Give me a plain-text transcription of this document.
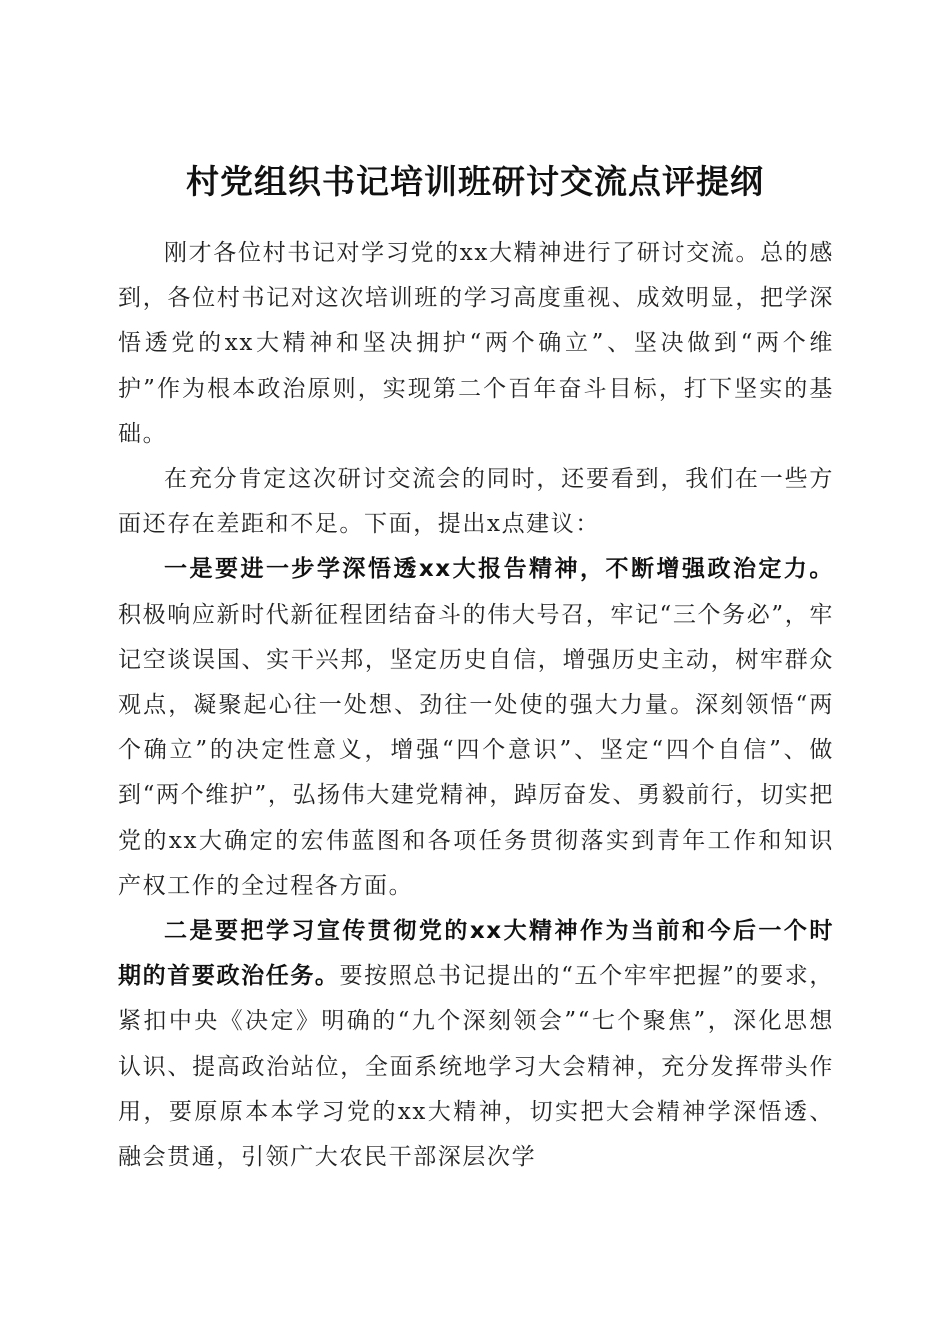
村党组织书记培训班研讨交流点评提纲

刚才各位村书记对学习党的xx大精神进行了研讨交流。总的感到，各位村书记对这次培训班的学习高度重视、成效明显，把学深悟透党的xx大精神和坚决拥护“两个确立”、坚决做到“两个维护”作为根本政治原则，实现第二个百年奋斗目标，打下坚实的基础。

在充分肯定这次研讨交流会的同时，还要看到，我们在一些方面还存在差距和不足。下面，提出x点建议：

一是要进一步学深悟透xx大报告精神，不断增强政治定力。积极响应新时代新征程团结奋斗的伟大号召，牢记“三个务必”，牢记空谈误国、实干兴邦，坚定历史自信，增强历史主动，树牢群众观点，凝聚起心往一处想、劲往一处使的强大力量。深刻领悟“两个确立”的决定性意义，增强“四个意识”、坚定“四个自信”、做到“两个维护”，弘扬伟大建党精神，踔厉奋发、勇毅前行，切实把党的xx大确定的宏伟蓝图和各项任务贯彻落实到青年工作和知识产权工作的全过程各方面。

二是要把学习宣传贯彻党的xx大精神作为当前和今后一个时期的首要政治任务。要按照总书记提出的“五个牢牢把握”的要求，紧扣中央《决定》明确的“九个深刻领会”“七个聚焦”，深化思想认识、提高政治站位，全面系统地学习大会精神，充分发挥带头作用，要原原本本学习党的xx大精神，切实把大会精神学深悟透、融会贯通，引领广大农民干部深层次学
